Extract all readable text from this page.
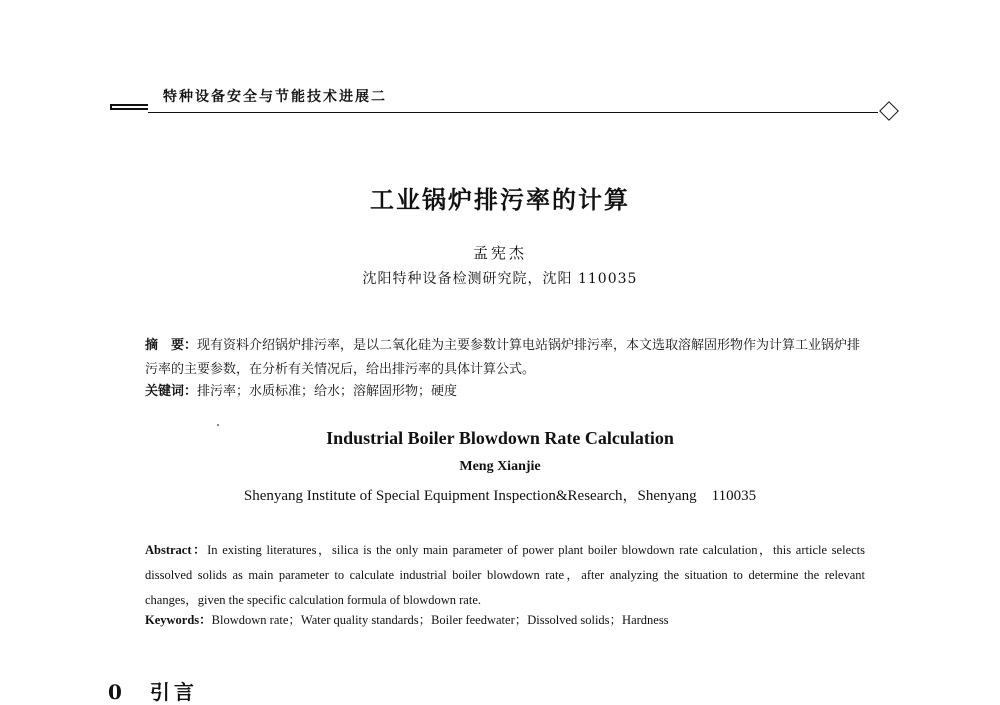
特种设备安全与节能技术进展二
工业锅炉排污率的计算
孟宪杰
沈阳特种设备检测研究院，沈阳 110035
摘　要：现有资料介绍锅炉排污率，是以二氧化硅为主要参数计算电站锅炉排污率，本文选取溶解固形物作为计算工业锅炉排污率的主要参数，在分析有关情况后，给出排污率的具体计算公式。
关键词：排污率；水质标准；给水；溶解固形物；硬度
Industrial Boiler Blowdown Rate Calculation
Meng Xianjie
Shenyang Institute of Special Equipment Inspection&Research，Shenyang　110035
Abstract：In existing literatures，silica is the only main parameter of power plant boiler blowdown rate calculation，this article selects dissolved solids as main parameter to calculate industrial boiler blowdown rate，after analyzing the situation to determine the relevant changes，given the specific calculation formula of blowdown rate.
Keywords：Blowdown rate；Water quality standards；Boiler feedwater；Dissolved solids；Hardness
0　引言
